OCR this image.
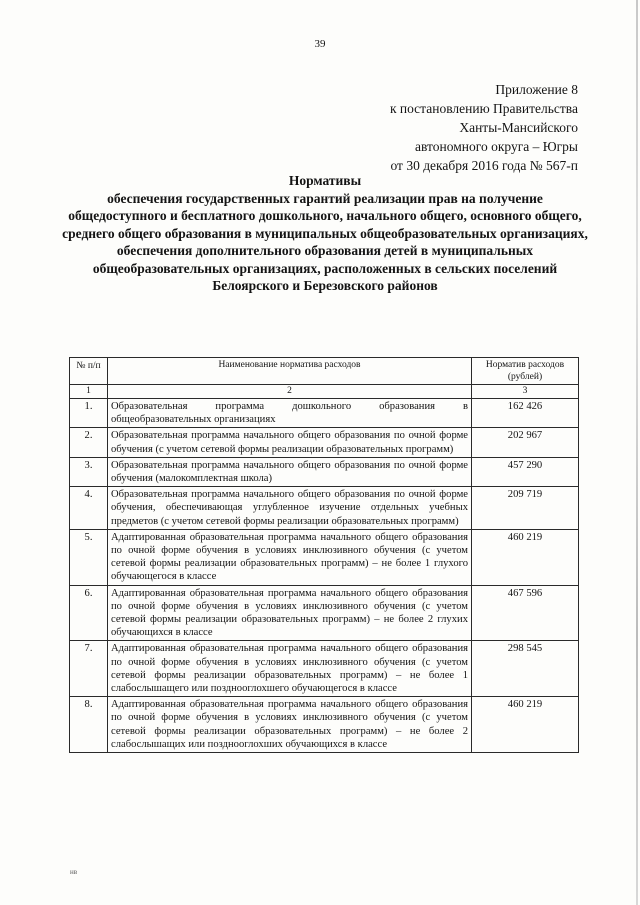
39
Приложение 8
к постановлению Правительства
Ханты-Мансийского
автономного округа – Югры
от 30 декабря 2016 года № 567-п
Нормативы
обеспечения государственных гарантий реализации прав на получение общедоступного и бесплатного дошкольного, начального общего, основного общего, среднего общего образования в муниципальных общеобразовательных организациях, обеспечения дополнительного образования детей в муниципальных общеобразовательных организациях, расположенных в сельских поселений Белоярского и Березовского районов
№ п/п	Наименование норматива расходов	Норматив расходов (рублей)
1	2	3
1.	Образовательная программа дошкольного образования в общеобразовательных организациях	162 426
2.	Образовательная программа начального общего образования по очной форме обучения (с учетом сетевой формы реализации образовательных программ)	202 967
3.	Образовательная программа начального общего образования по очной форме обучения (малокомплектная школа)	457 290
4.	Образовательная программа начального общего образования по очной форме обучения, обеспечивающая углубленное изучение отдельных учебных предметов (с учетом сетевой формы реализации образовательных программ)	209 719
5.	Адаптированная образовательная программа начального общего образования по очной форме обучения в условиях инклюзивного обучения (с учетом сетевой формы реализации образовательных программ) – не более 1 глухого обучающегося в классе	460 219
6.	Адаптированная образовательная программа начального общего образования по очной форме обучения в условиях инклюзивного обучения (с учетом сетевой формы реализации образовательных программ) – не более 2 глухих обучающихся в классе	467 596
7.	Адаптированная образовательная программа начального общего образования по очной форме обучения в условиях инклюзивного обучения (с учетом сетевой формы реализации образовательных программ) – не более 1 слабослышащего или позднооглохшего обучающегося в классе	298 545
8.	Адаптированная образовательная программа начального общего образования по очной форме обучения в условиях инклюзивного обучения (с учетом сетевой формы реализации образовательных программ) – не более 2 слабослышащих или позднооглохших обучающихся в классе	460 219
нв
